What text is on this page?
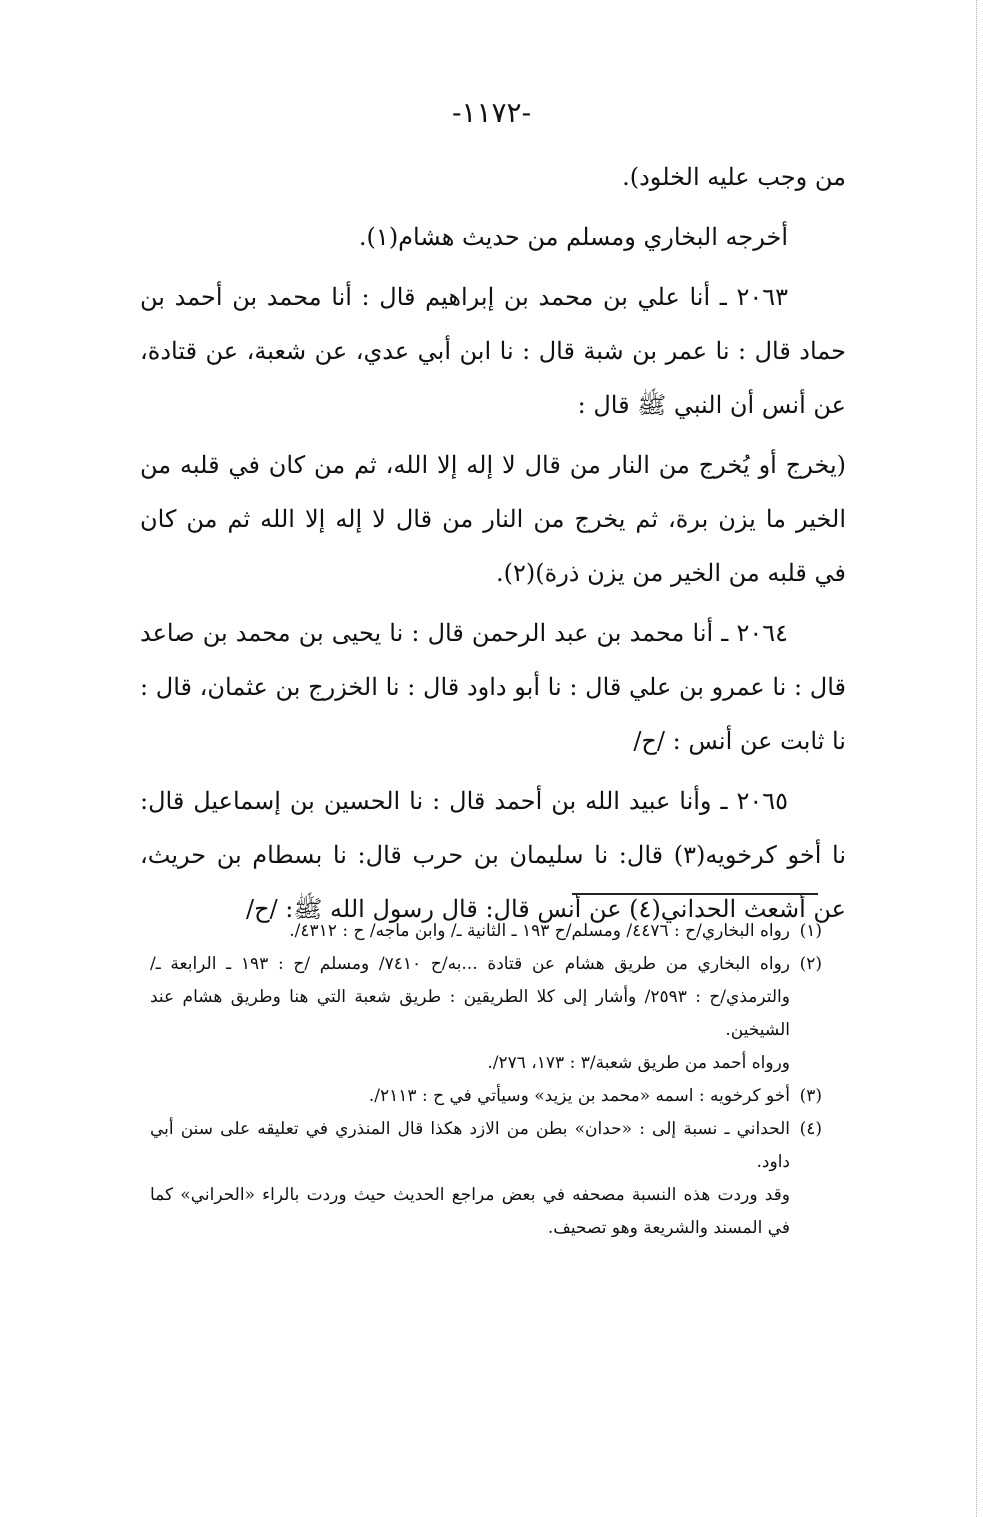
-١١٧٢-

من وجب عليه الخلود).

أخرجه البخاري ومسلم من حديث هشام(١).

٢٠٦٣ ـ أنا علي بن محمد بن إبراهيم قال : أنا محمد بن أحمد بن حماد قال : نا عمر بن شبة قال : نا ابن أبي عدي، عن شعبة، عن قتادة، عن أنس أن النبي ﷺ قال :

(يخرج أو يُخرج من النار من قال لا إله إلا الله، ثم من كان في قلبه من الخير ما يزن برة، ثم يخرج من النار من قال لا إله إلا الله ثم من كان في قلبه من الخير من يزن ذرة)(٢).

٢٠٦٤ ـ أنا محمد بن عبد الرحمن قال : نا يحيى بن محمد بن صاعد قال : نا عمرو بن علي قال : نا أبو داود قال : نا الخزرج بن عثمان، قال : نا ثابت عن أنس : /ح/

٢٠٦٥ ـ وأنا عبيد الله بن أحمد قال : نا الحسين بن إسماعيل قال: نا أخو كرخويه(٣) قال: نا سليمان بن حرب قال: نا بسطام بن حريث، عن أشعث الحداني(٤) عن أنس قال: قال رسول الله ﷺ: /ح/

(١)
رواه البخاري/ح : ٤٤٧٦/ ومسلم/ح ١٩٣ ـ الثانية ـ/ وابن ماجه/ ح : ٤٣١٢/.
(٢)
رواه البخاري من طريق هشام عن قتادة ...به/ح ٧٤١٠/ ومسلم /ح : ١٩٣ ـ الرابعة ـ/ والترمذي/ح : ٢٥٩٣/ وأشار إلى كلا الطريقين : طريق شعبة التي هنا وطريق هشام عند الشيخين.
ورواه أحمد من طريق شعبة/٣ : ١٧٣، ٢٧٦/.
(٣)
أخو كرخويه : اسمه «محمد بن يزيد» وسيأتي في ح : ٢١١٣/.
(٤)
الحداني ـ نسبة إلى : «حدان» بطن من الازد هكذا قال المنذري في تعليقه على سنن أبي داود.
وقد وردت هذه النسبة مصحفه في بعض مراجع الحديث حيث وردت بالراء «الحراني» كما في المسند والشريعة وهو تصحيف.
